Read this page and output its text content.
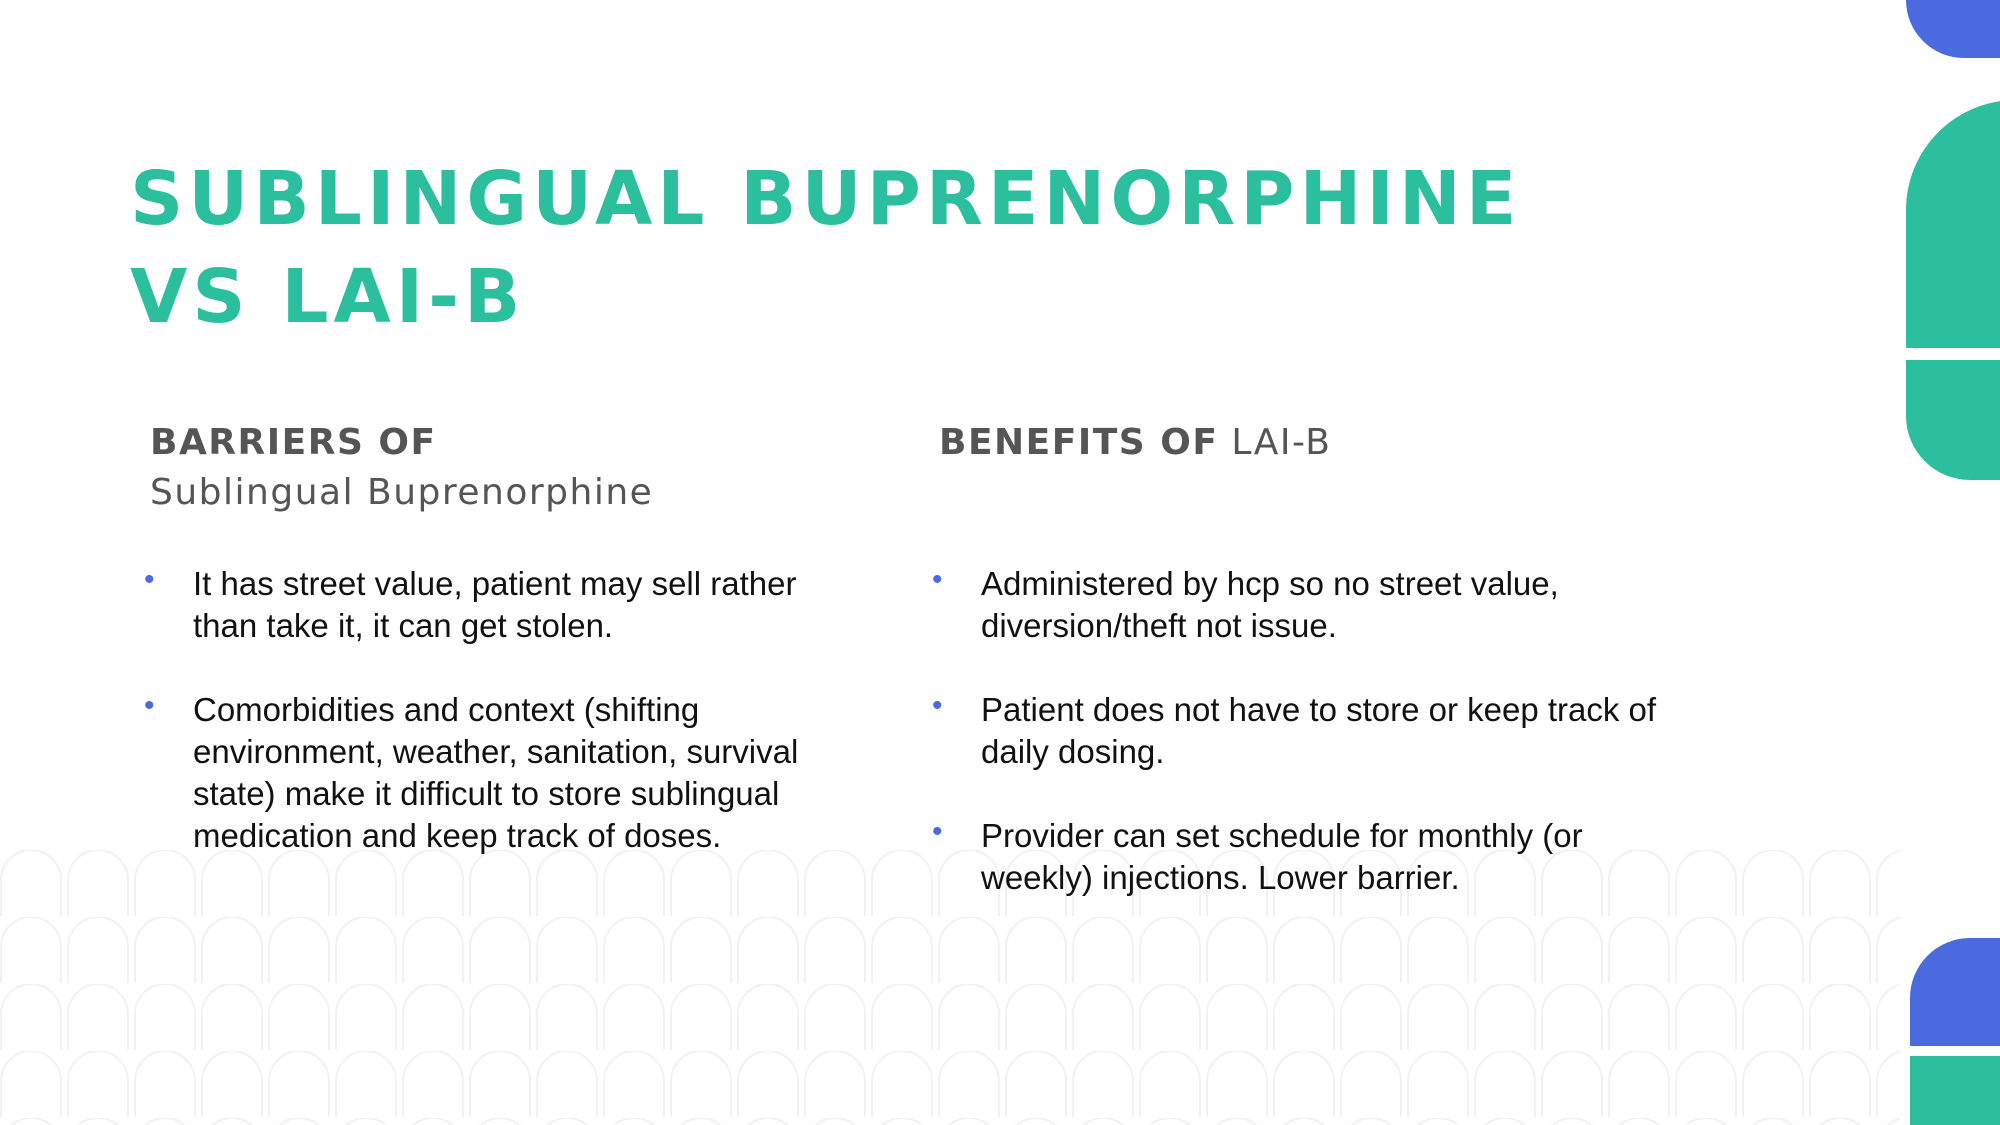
SUBLINGUAL BUPRENORPHINE
VS LAI-B
BARRIERS OF
Sublingual Buprenorphine
BENEFITS OF LAI-B
• It has street value, patient may sell rather than take it, it can get stolen.
• Comorbidities and context (shifting environment, weather, sanitation, survival state) make it difficult to store sublingual medication and keep track of doses.
• Administered by hcp so no street value, diversion/theft not issue.
• Patient does not have to store or keep track of daily dosing.
• Provider can set schedule for monthly (or weekly) injections. Lower barrier.
